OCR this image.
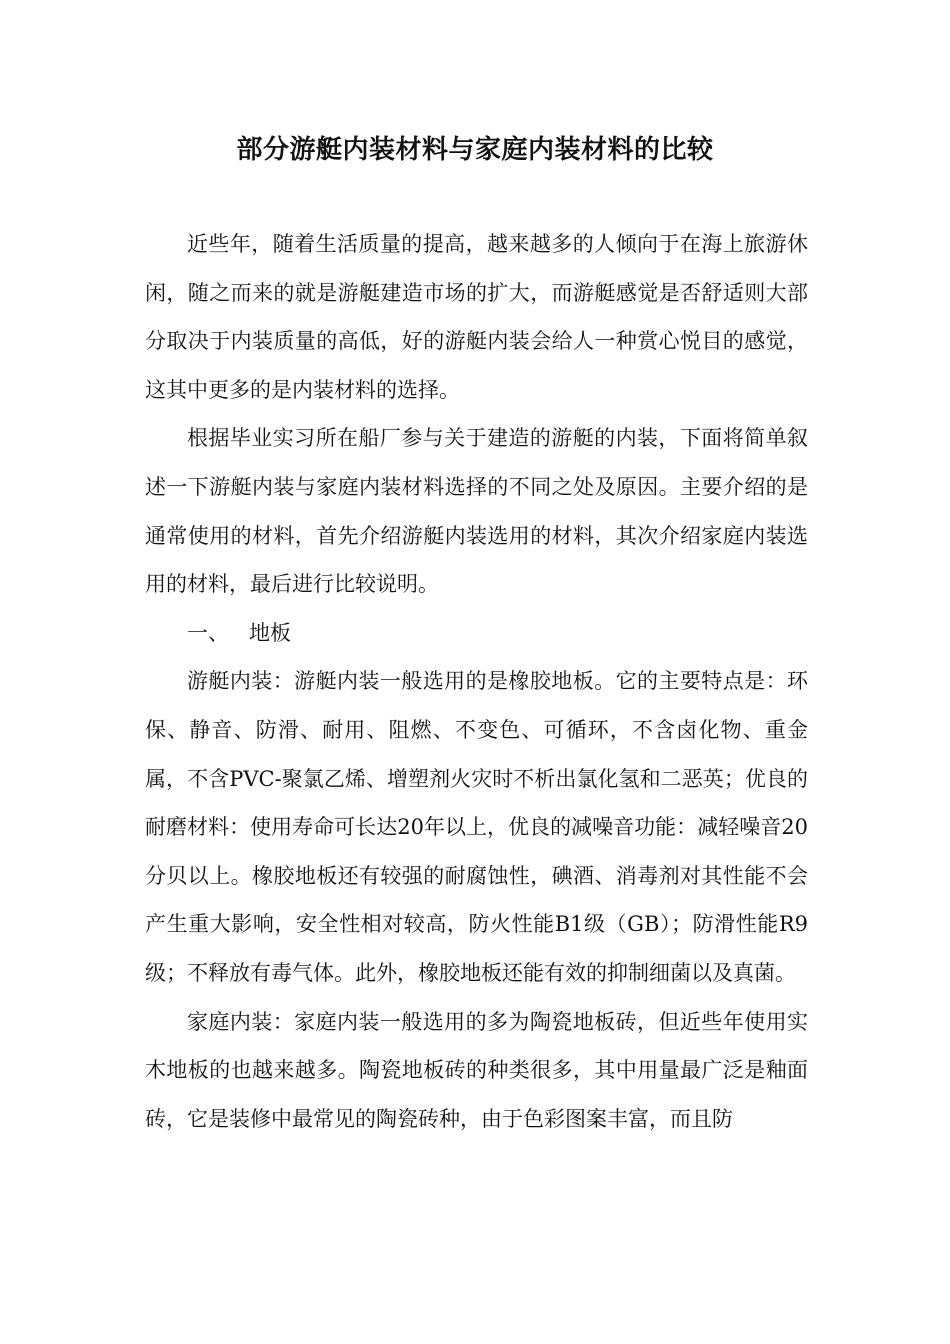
部分游艇内装材料与家庭内装材料的比较

近些年，随着生活质量的提高，越来越多的人倾向于在海上旅游休闲，随之而来的就是游艇建造市场的扩大，而游艇感觉是否舒适则大部分取决于内装质量的高低，好的游艇内装会给人一种赏心悦目的感觉，这其中更多的是内装材料的选择。

根据毕业实习所在船厂参与关于建造的游艇的内装，下面将简单叙述一下游艇内装与家庭内装材料选择的不同之处及原因。主要介绍的是通常使用的材料，首先介绍游艇内装选用的材料，其次介绍家庭内装选用的材料，最后进行比较说明。

一、 地板

游艇内装：游艇内装一般选用的是橡胶地板。它的主要特点是：环保、静音、防滑、耐用、阻燃、不变色、可循环，不含卤化物、重金属，不含PVC-聚氯乙烯、增塑剂火灾时不析出氯化氢和二恶英；优良的耐磨材料：使用寿命可长达20年以上，优良的减噪音功能：减轻噪音20分贝以上。橡胶地板还有较强的耐腐蚀性，碘酒、消毒剂对其性能不会产生重大影响，安全性相对较高，防火性能B1级（GB）；防滑性能R9级；不释放有毒气体。此外，橡胶地板还能有效的抑制细菌以及真菌。

家庭内装：家庭内装一般选用的多为陶瓷地板砖，但近些年使用实木地板的也越来越多。陶瓷地板砖的种类很多，其中用量最广泛是釉面砖，它是装修中最常见的陶瓷砖种，由于色彩图案丰富，而且防
